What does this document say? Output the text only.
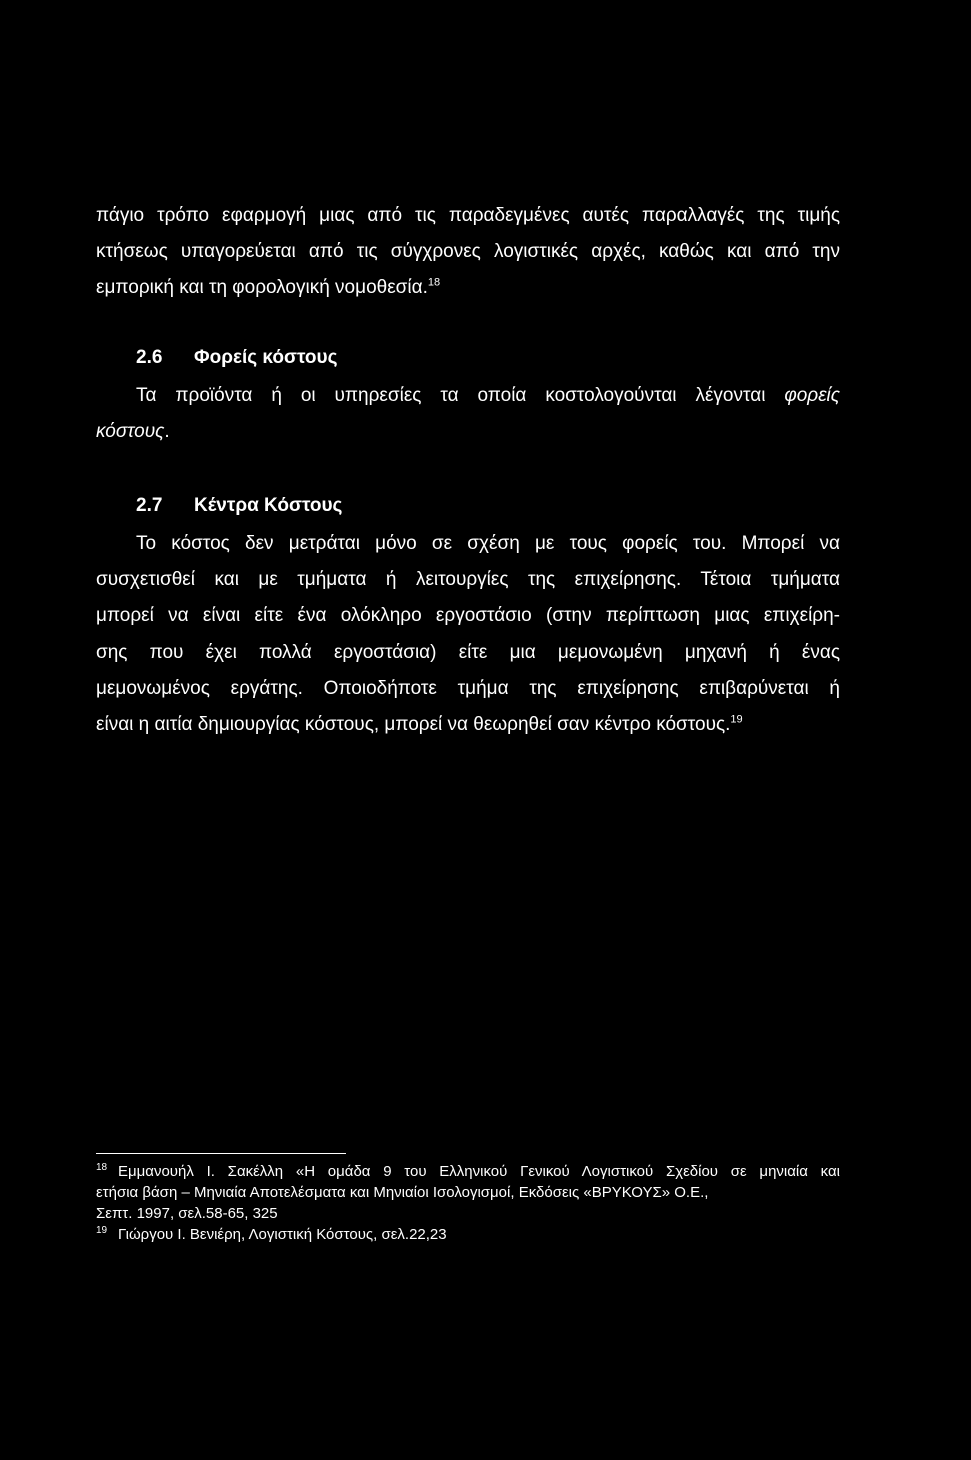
πάγιο τρόπο εφαρμογή μιας από τις παραδεγμένες αυτές παραλλαγές της τιμής
κτήσεως υπαγορεύεται από τις σύγχρονες λογιστικές αρχές, καθώς και από την
εμπορική και τη φορολογική νομοθεσία.$^{18}$
2.6 Φορείς κόστους
Τα προϊόντα ή οι υπηρεσίες τα οποία κοστολογούνται λέγονται φορείς
κόστους.
2.7 Κέντρα Κόστους
Το κόστος δεν μετράται μόνο σε σχέση με τους φορείς του. Μπορεί να
συσχετισθεί και με τμήματα ή λειτουργίες της επιχείρησης. Τέτοια τμήματα
μπορεί να είναι είτε ένα ολόκληρο εργοστάσιο (στην περίπτωση μιας επιχείρη-
σης που έχει πολλά εργοστάσια) είτε μια μεμονωμένη μηχανή ή ένας
μεμονωμένος εργάτης. Οποιοδήποτε τμήμα της επιχείρησης επιβαρύνεται ή
είναι η αιτία δημιουργίας κόστους, μπορεί να θεωρηθεί σαν κέντρο κόστους.$^{19}$
18 Εμμανουήλ Ι. Σακέλλη «Η ομάδα 9 του Ελληνικού Γενικού Λογιστικού Σχεδίου σε μηνιαία και
ετήσια βάση – Μηνιαία Αποτελέσματα και Μηνιαίοι Ισολογισμοί, Εκδόσεις «ΒΡΥΚΟΥΣ» Ο.Ε.,
Σεπτ. 1997, σελ.58-65, 325
19 Γιώργου Ι. Βενιέρη, Λογιστική Κόστους, σελ.22,23
